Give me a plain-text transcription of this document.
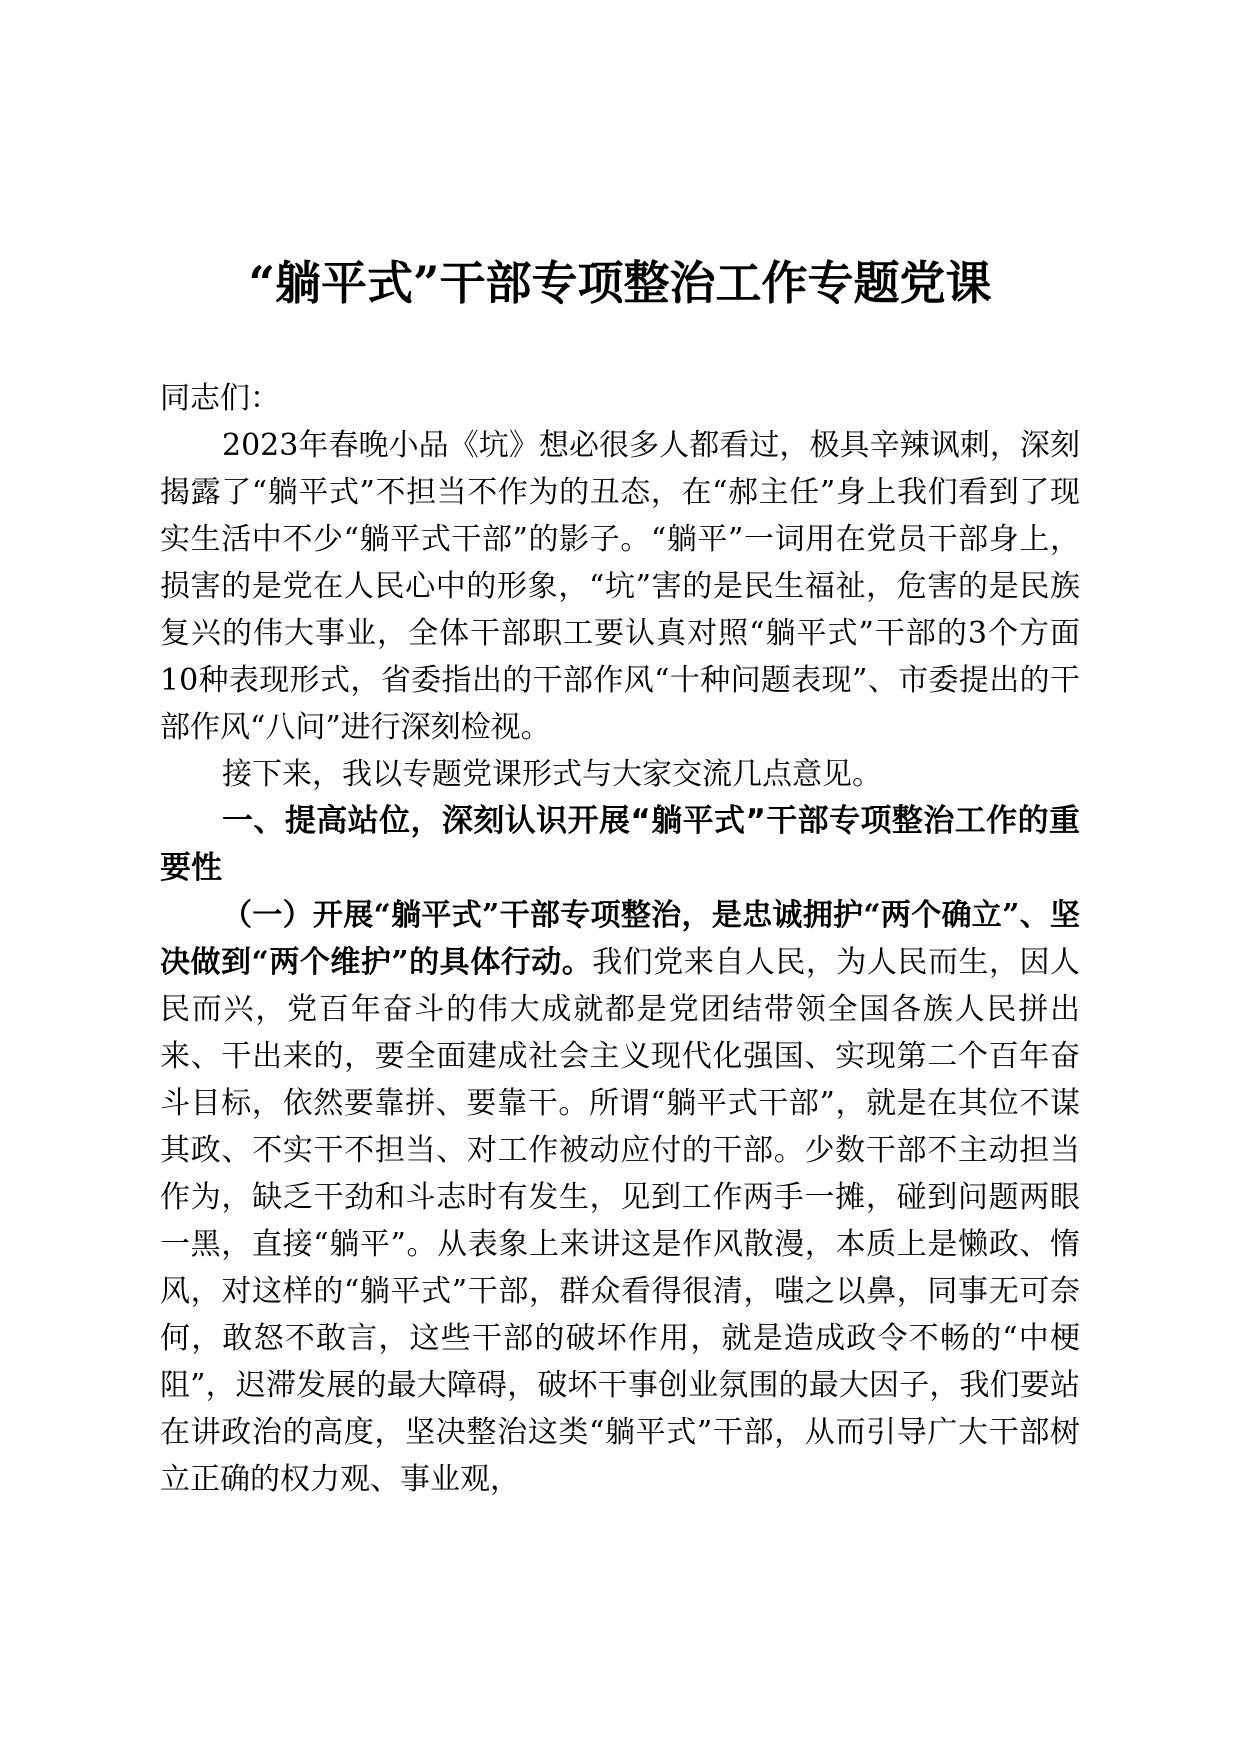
“躺平式”干部专项整治工作专题党课

同志们：

2023年春晚小品《坑》想必很多人都看过，极具辛辣讽刺，深刻揭露了“躺平式”不担当不作为的丑态，在“郝主任”身上我们看到了现实生活中不少“躺平式干部”的影子。“躺平”一词用在党员干部身上，损害的是党在人民心中的形象，“坑”害的是民生福祉，危害的是民族复兴的伟大事业，全体干部职工要认真对照“躺平式”干部的3个方面10种表现形式，省委指出的干部作风“十种问题表现”、市委提出的干部作风“八问”进行深刻检视。

接下来，我以专题党课形式与大家交流几点意见。

一、提高站位，深刻认识开展“躺平式”干部专项整治工作的重要性

（一）开展“躺平式”干部专项整治，是忠诚拥护“两个确立”、坚决做到“两个维护”的具体行动。我们党来自人民，为人民而生，因人民而兴，党百年奋斗的伟大成就都是党团结带领全国各族人民拼出来、干出来的，要全面建成社会主义现代化强国、实现第二个百年奋斗目标，依然要靠拼、要靠干。所谓“躺平式干部”，就是在其位不谋其政、不实干不担当、对工作被动应付的干部。少数干部不主动担当作为，缺乏干劲和斗志时有发生，见到工作两手一摊，碰到问题两眼一黑，直接“躺平”。从表象上来讲这是作风散漫，本质上是懒政、惰风，对这样的“躺平式”干部，群众看得很清，嗤之以鼻，同事无可奈何，敢怒不敢言，这些干部的破坏作用，就是造成政令不畅的“中梗阻”，迟滞发展的最大障碍，破坏干事创业氛围的最大因子，我们要站在讲政治的高度，坚决整治这类“躺平式”干部，从而引导广大干部树立正确的权力观、事业观，
